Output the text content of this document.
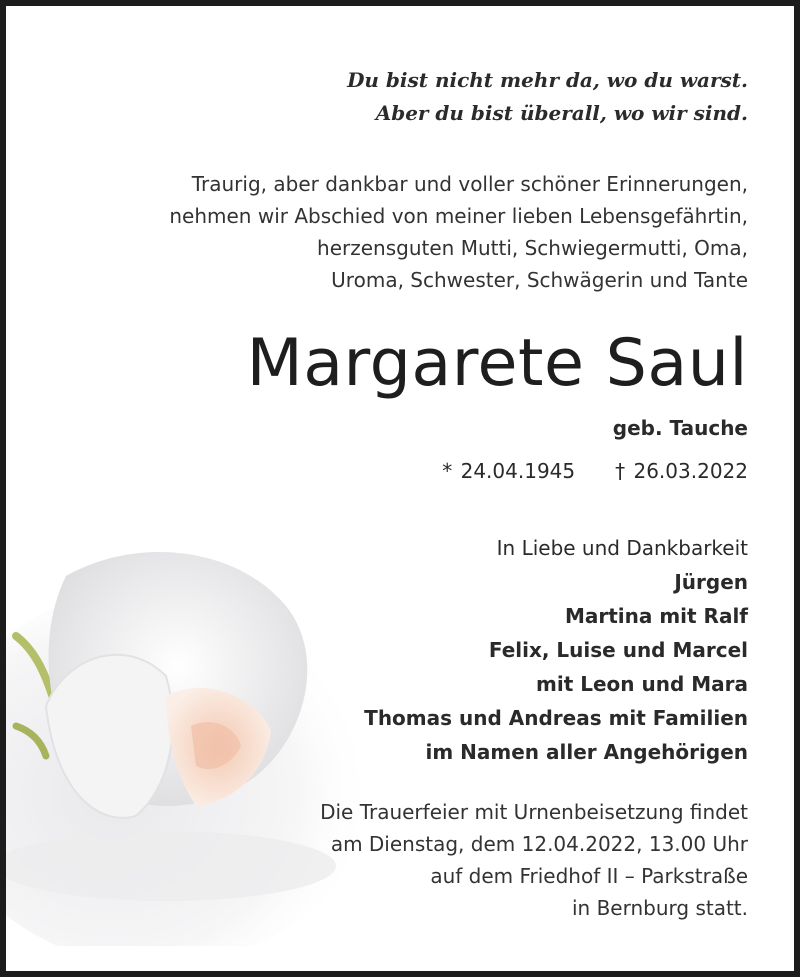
Du bist nicht mehr da, wo du warst.
Aber du bist überall, wo wir sind.
Traurig, aber dankbar und voller schöner Erinnerungen,
nehmen wir Abschied von meiner lieben Lebensgefährtin,
herzensguten Mutti, Schwiegermutti, Oma,
Uroma, Schwester, Schwägerin und Tante
Margarete Saul
geb. Tauche
* 24.04.1945 † 26.03.2022
In Liebe und Dankbarkeit
Jürgen
Martina mit Ralf
Felix, Luise und Marcel
mit Leon und Mara
Thomas und Andreas mit Familien
im Namen aller Angehörigen
Die Trauerfeier mit Urnenbeisetzung findet
am Dienstag, dem 12.04.2022, 13.00 Uhr
auf dem Friedhof II – Parkstraße
in Bernburg statt.
